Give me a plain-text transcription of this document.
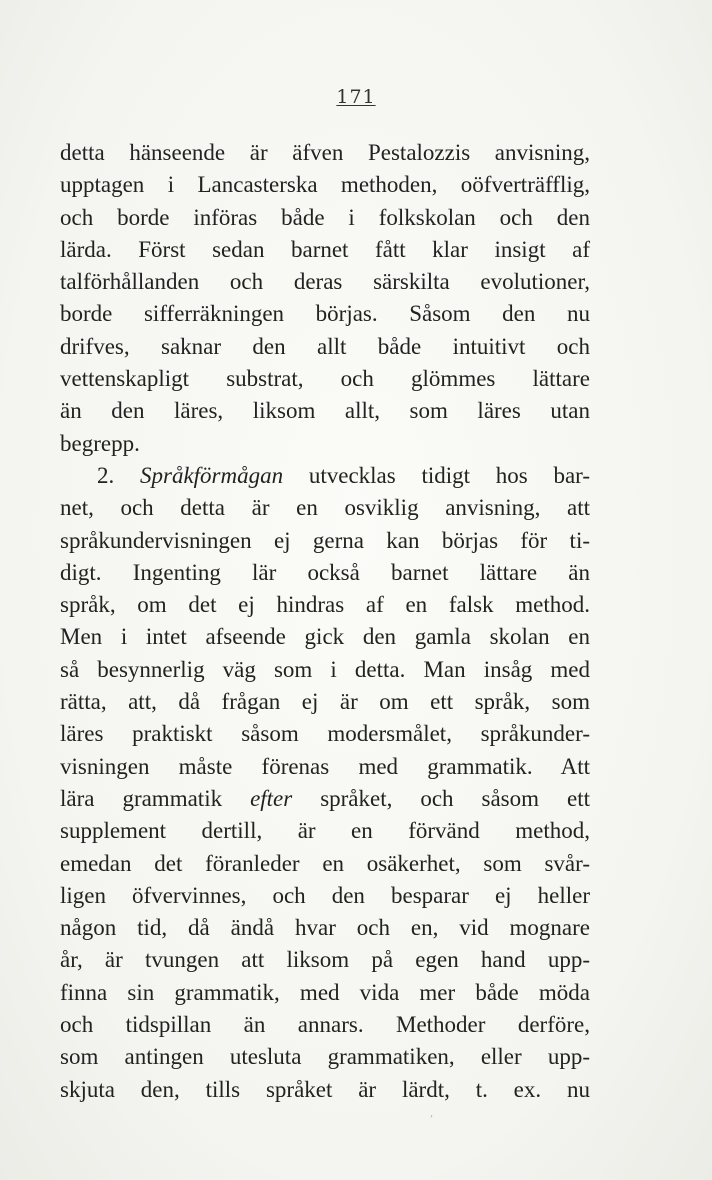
171
detta hänseende är äfven Pestalozzis anvisning,
upptagen i Lancasterska methoden, oöfverträfflig,
och borde införas både i folkskolan och den
lärda. Först sedan barnet fått klar insigt af
talförhållanden och deras särskilta evolutioner,
borde sifferräkningen börjas. Såsom den nu
drifves, saknar den allt både intuitivt och
vettenskapligt substrat, och glömmes lättare
än den läres, liksom allt, som läres utan
begrepp.
2. Språkförmågan utvecklas tidigt hos bar-
net, och detta är en osviklig anvisning, att
språkundervisningen ej gerna kan börjas för ti-
digt. Ingenting lär också barnet lättare än
språk, om det ej hindras af en falsk method.
Men i intet afseende gick den gamla skolan en
så besynnerlig väg som i detta. Man insåg med
rätta, att, då frågan ej är om ett språk, som
läres praktiskt såsom modersmålet, språkunder-
visningen måste förenas med grammatik. Att
lära grammatik efter språket, och såsom ett
supplement dertill, är en förvänd method,
emedan det föranleder en osäkerhet, som svår-
ligen öfvervinnes, och den besparar ej heller
någon tid, då ändå hvar och en, vid mognare
år, är tvungen att liksom på egen hand upp-
finna sin grammatik, med vida mer både möda
och tidspillan än annars. Methoder derföre,
som antingen utesluta grammatiken, eller upp-
skjuta den, tills språket är lärdt, t. ex. nu
‚
